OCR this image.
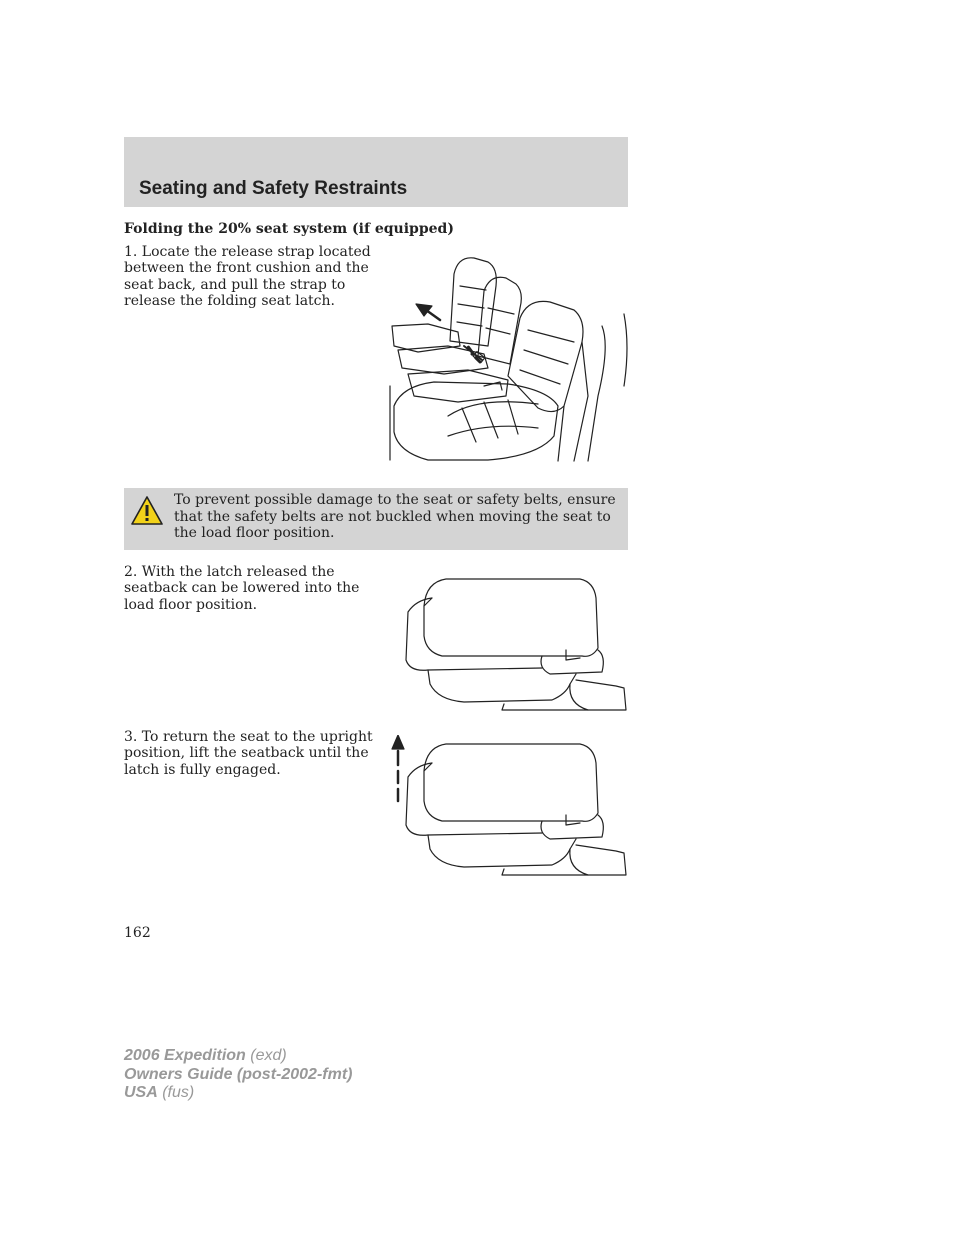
Seating and Safety Restraints
Folding the 20% seat system (if equipped)
1. Locate the release strap located between the front cushion and the seat back, and pull the strap to release the folding seat latch.
To prevent possible damage to the seat or safety belts, ensure that the safety belts are not buckled when moving the seat to the load floor position.
2. With the latch released the seatback can be lowered into the load floor position.
3. To return the seat to the upright position, lift the seatback until the latch is fully engaged.
162
2006 Expedition (exd)
Owners Guide (post-2002-fmt)
USA (fus)
